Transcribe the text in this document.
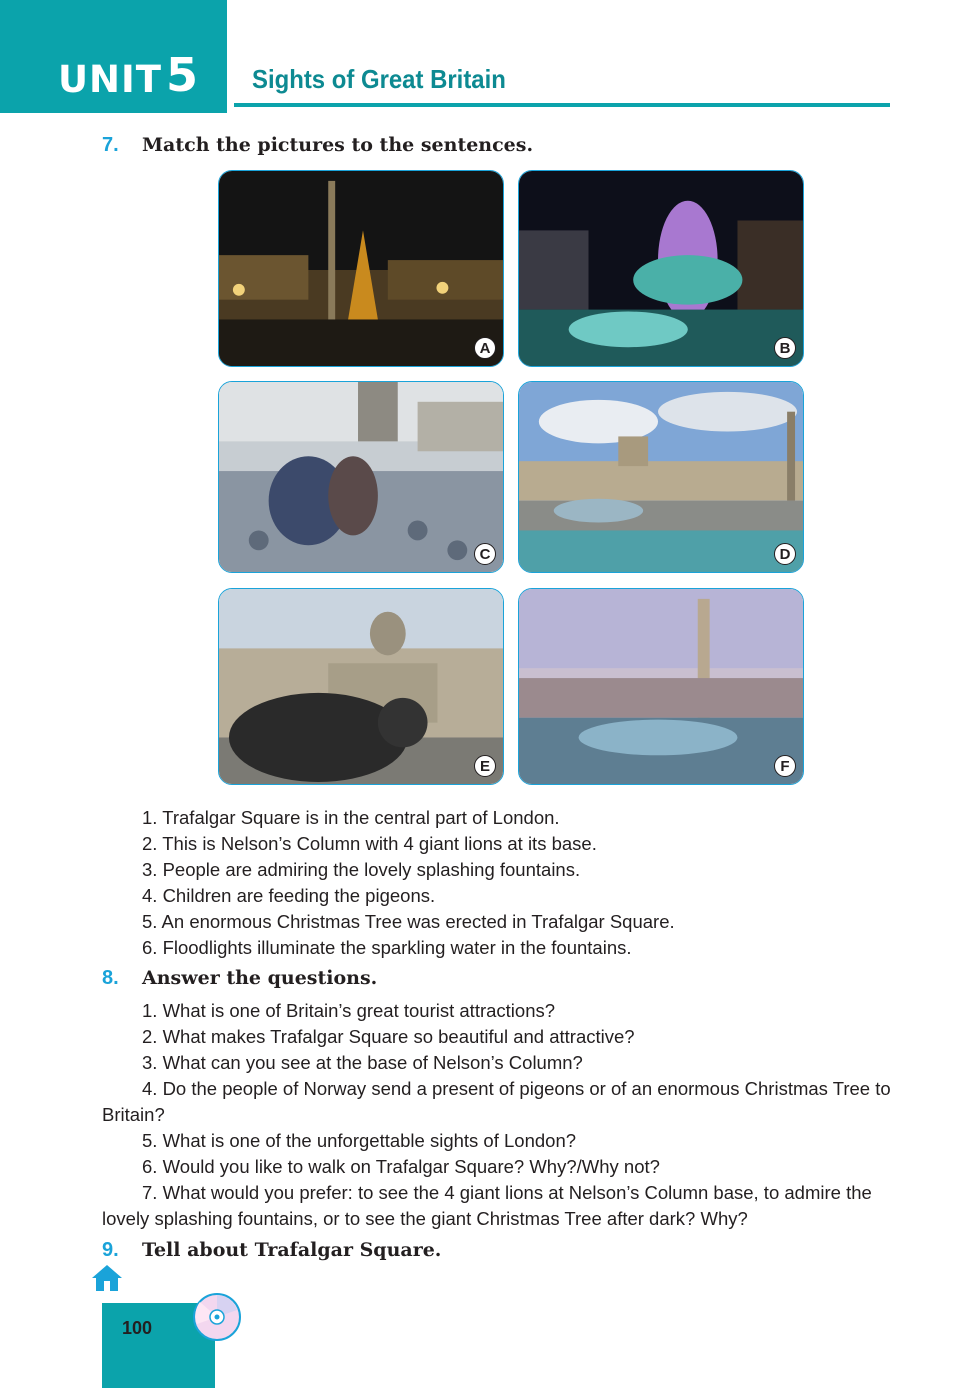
UNIT 5 Sights of Great Britain
7. Match the pictures to the sentences.
A	B
C	D
E	F
1. Trafalgar Square is in the central part of London.
2. This is Nelson’s Column with 4 giant lions at its base.
3. People are admiring the lovely splashing fountains.
4. Children are feeding the pigeons.
5. An enormous Christmas Tree was erected in Trafalgar Square.
6. Floodlights illuminate the sparkling water in the fountains.
8. Answer the questions.
1. What is one of Britain’s great tourist attractions?
2. What makes Trafalgar Square so beautiful and attractive?
3. What can you see at the base of Nelson’s Column?
4. Do the people of Norway send a present of pigeons or of an enormous Christmas Tree to Britain?
5. What is one of the unforgettable sights of London?
6. Would you like to walk on Trafalgar Square? Why?/Why not?
7. What would you prefer: to see the 4 giant lions at Nelson’s Column base, to admire the lovely splashing fountains, or to see the giant Christmas Tree after dark? Why?
9. Tell about Trafalgar Square.
100
